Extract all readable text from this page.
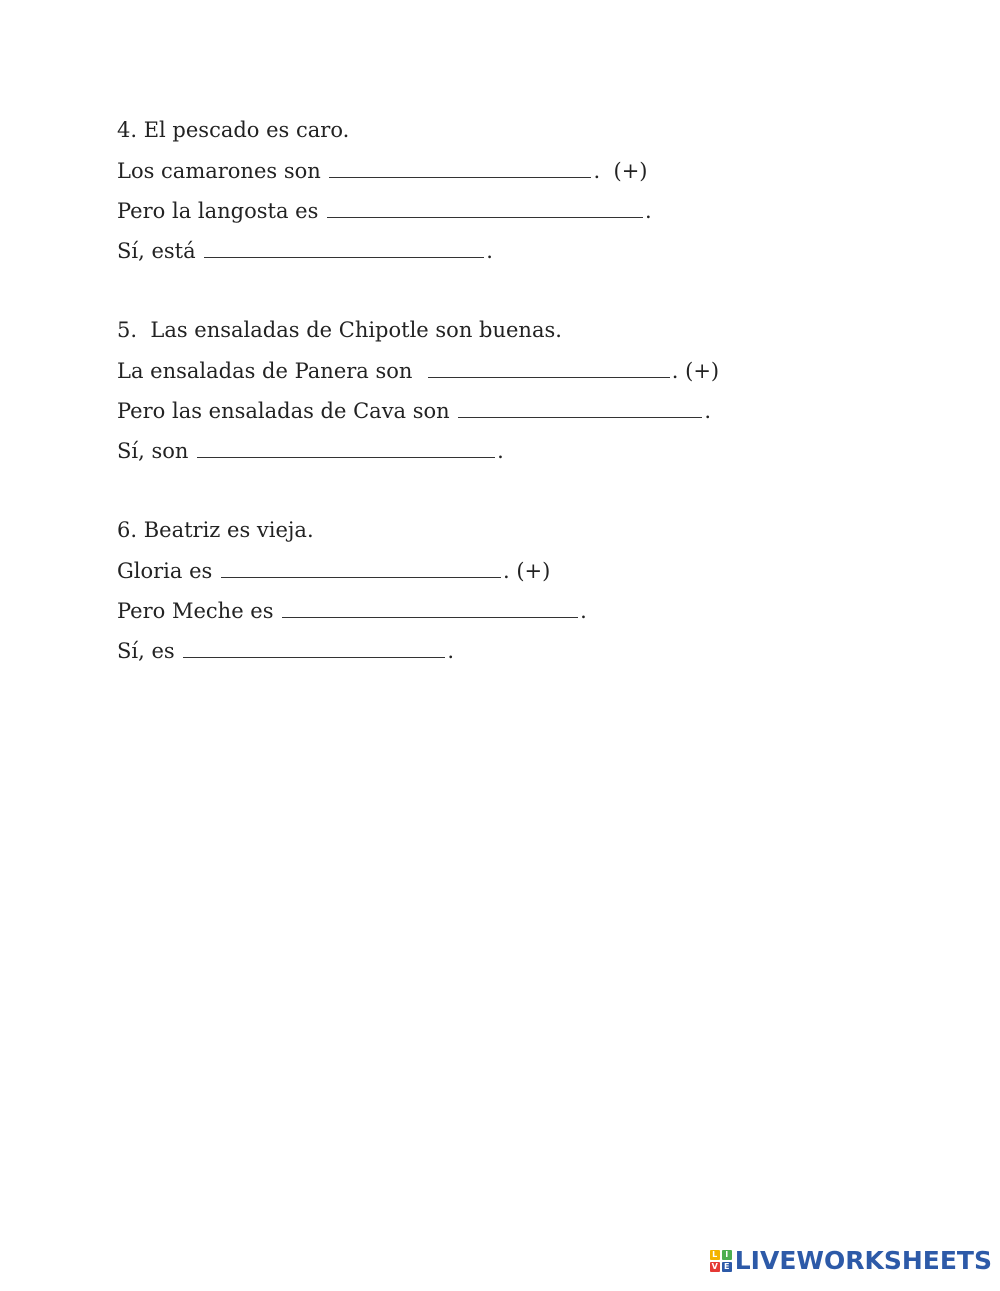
4. El pescado es caro.
Los camarones son	.  (+)
Pero la langosta es	.
Sí, está	.
5.  Las ensaladas de Chipotle son buenas.
La ensaladas de Panera son	. (+)
Pero las ensaladas de Cava son	.
Sí, son	.
6. Beatriz es vieja.
Gloria es	. (+)
Pero Meche es	.
Sí, es	.
L I
V E LIVEWORKSHEETS
